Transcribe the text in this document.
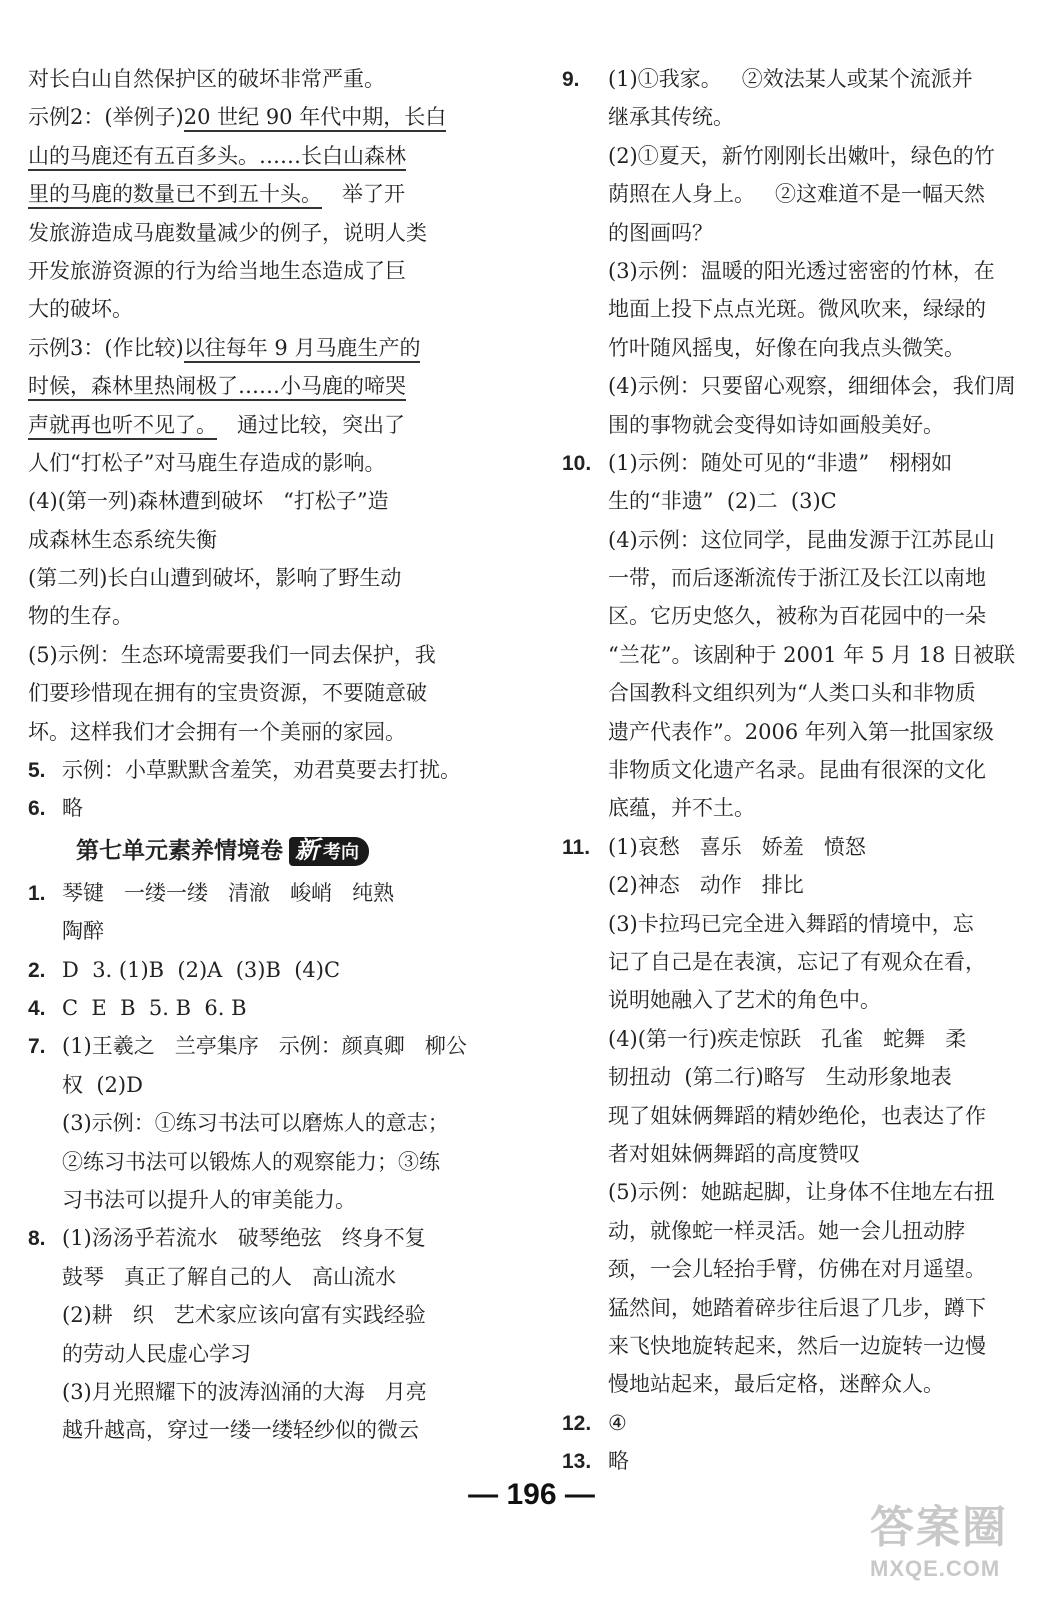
对长白山自然保护区的破坏非常严重。
示例2：(举例子)20 世纪 90 年代中期，长白
山的马鹿还有五百多头。……长白山森林
里的马鹿的数量已不到五十头。   举了开
发旅游造成马鹿数量减少的例子，说明人类
开发旅游资源的行为给当地生态造成了巨
大的破坏。
示例3：(作比较)以往每年 9 月马鹿生产的
时候，森林里热闹极了……小马鹿的啼哭
声就再也听不见了。   通过比较，突出了
人们“打松子”对马鹿生存造成的影响。
(4)(第一列)森林遭到破坏   “打松子”造
成森林生态系统失衡
(第二列)长白山遭到破坏，影响了野生动
物的生存。
(5)示例：生态环境需要我们一同去保护，我
们要珍惜现在拥有的宝贵资源，不要随意破
坏。这样我们才会拥有一个美丽的家园。
5. 示例：小草默默含羞笑，劝君莫要去打扰。
6. 略
第七单元素养情境卷 新 考向
1. 琴键   一缕一缕   清澈   峻峭   纯熟
陶醉
2. D  3. (1)B  (2)A  (3)B  (4)C
4. C  E  B  5. B  6. B
7. (1)王羲之   兰亭集序   示例：颜真卿   柳公
权  (2)D
(3)示例：①练习书法可以磨炼人的意志；
②练习书法可以锻炼人的观察能力；③练
习书法可以提升人的审美能力。
8. (1)汤汤乎若流水   破琴绝弦   终身不复
鼓琴   真正了解自己的人   高山流水
(2)耕   织   艺术家应该向富有实践经验
的劳动人民虚心学习
(3)月光照耀下的波涛汹涌的大海   月亮
越升越高，穿过一缕一缕轻纱似的微云
9. (1)①我家。   ②效法某人或某个流派并
继承其传统。
(2)①夏天，新竹刚刚长出嫩叶，绿色的竹
荫照在人身上。   ②这难道不是一幅天然
的图画吗？
(3)示例：温暖的阳光透过密密的竹林，在
地面上投下点点光斑。微风吹来，绿绿的
竹叶随风摇曳，好像在向我点头微笑。
(4)示例：只要留心观察，细细体会，我们周
围的事物就会变得如诗如画般美好。
10. (1)示例：随处可见的“非遗”   栩栩如
生的“非遗”  (2)二  (3)C
(4)示例：这位同学，昆曲发源于江苏昆山
一带，而后逐渐流传于浙江及长江以南地
区。它历史悠久，被称为百花园中的一朵
“兰花”。该剧种于 2001 年 5 月 18 日被联
合国教科文组织列为“人类口头和非物质
遗产代表作”。2006 年列入第一批国家级
非物质文化遗产名录。昆曲有很深的文化
底蕴，并不土。
11. (1)哀愁   喜乐   娇羞   愤怒
(2)神态   动作   排比
(3)卡拉玛已完全进入舞蹈的情境中，忘
记了自己是在表演，忘记了有观众在看，
说明她融入了艺术的角色中。
(4)(第一行)疾走惊跃   孔雀   蛇舞   柔
韧扭动  (第二行)略写   生动形象地表
现了姐妹俩舞蹈的精妙绝伦，也表达了作
者对姐妹俩舞蹈的高度赞叹
(5)示例：她踮起脚，让身体不住地左右扭
动，就像蛇一样灵活。她一会儿扭动脖
颈，一会儿轻抬手臂，仿佛在对月遥望。
猛然间，她踏着碎步往后退了几步，蹲下
来飞快地旋转起来，然后一边旋转一边慢
慢地站起来，最后定格，迷醉众人。
12. ④
13. 略
— 196 —
答案圈
MXQE.COM
